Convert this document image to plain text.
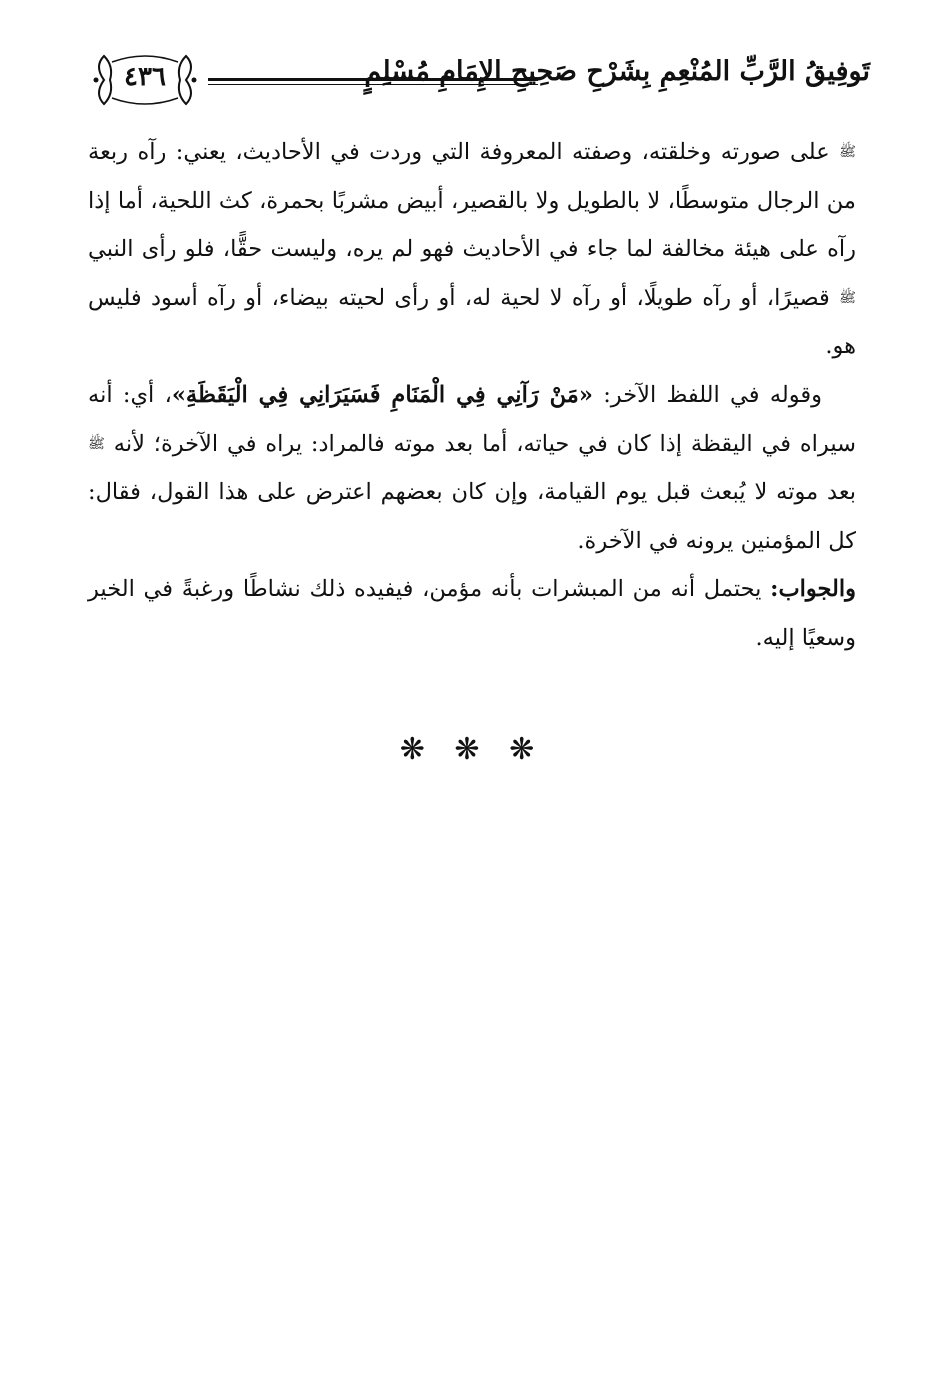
٤٣٦	تَوفِيقُ الرَّبِّ المُنْعِمِ بِشَرْحِ صَحِيحِ الإِمَامِ مُسْلِمٍ

ﷺ على صورته وخلقته، وصفته المعروفة التي وردت في الأحاديث، يعني: رآه ربعة من الرجال متوسطًا، لا بالطويل ولا بالقصير، أبيض مشربًا بحمرة، كث اللحية، أما إذا رآه على هيئة مخالفة لما جاء في الأحاديث فهو لم يره، وليست حقًّا، فلو رأى النبي ﷺ قصيرًا، أو رآه طويلًا، أو رآه لا لحية له، أو رأى لحيته بيضاء، أو رآه أسود فليس هو.

وقوله في اللفظ الآخر: «مَنْ رَآنِي فِي الْمَنَامِ فَسَيَرَانِي فِي الْيَقَظَةِ»، أي: أنه سيراه في اليقظة إذا كان في حياته، أما بعد موته فالمراد: يراه في الآخرة؛ لأنه ﷺ بعد موته لا يُبعث قبل يوم القيامة، وإن كان بعضهم اعترض على هذا القول، فقال: كل المؤمنين يرونه في الآخرة.

والجواب: يحتمل أنه من المبشرات بأنه مؤمن، فيفيده ذلك نشاطًا ورغبةً في الخير وسعيًا إليه.

❋ ❋ ❋
